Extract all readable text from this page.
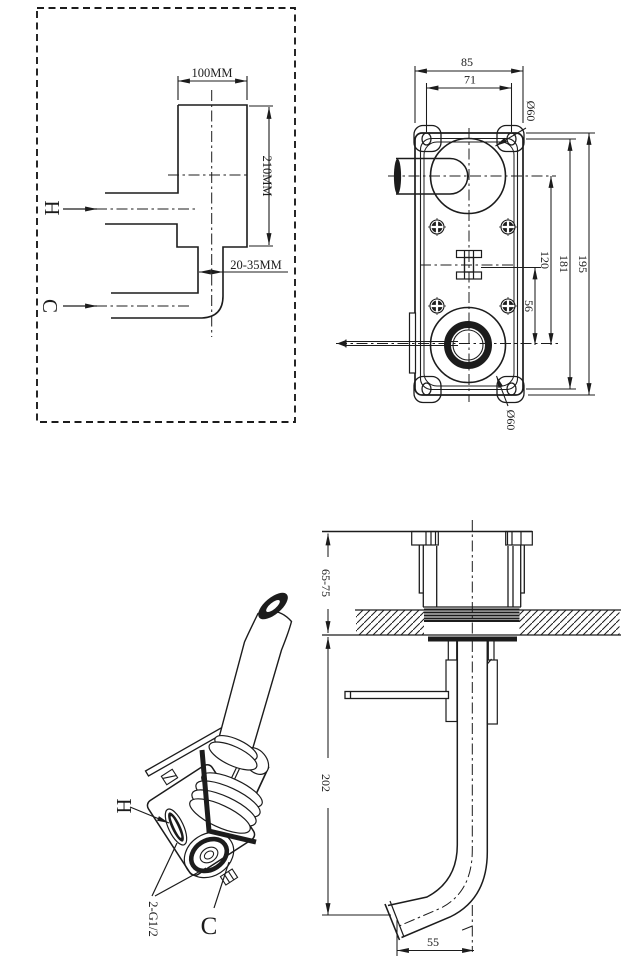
100MM
210MM
20-35MM
H
C
85
71
Ø60
56
120 181 195
Ø60
65-75
202
55
H
2-G1/2 C
